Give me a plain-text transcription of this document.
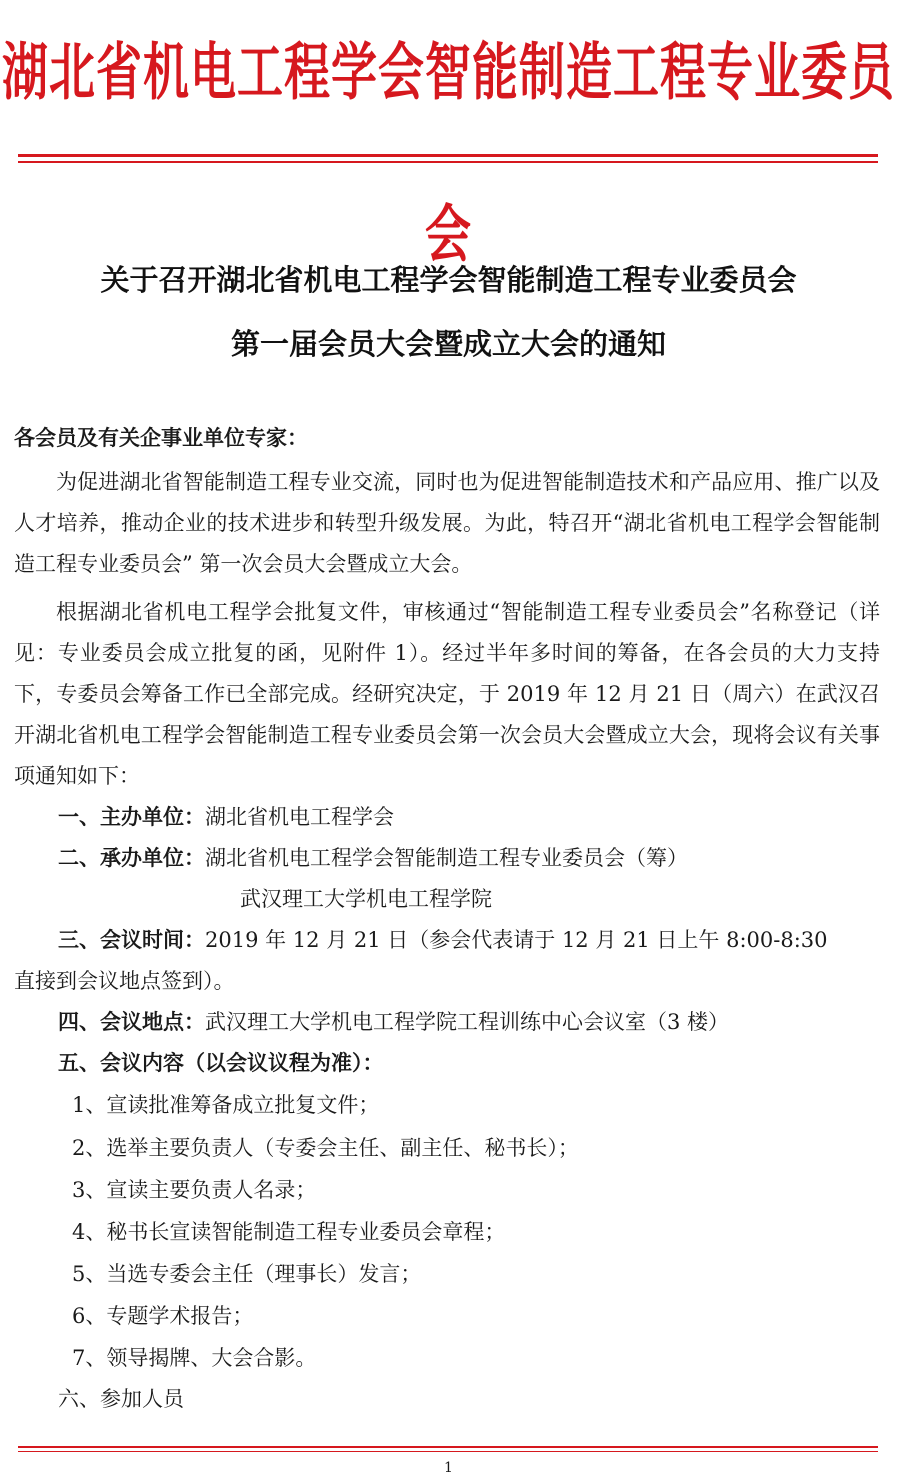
湖北省机电工程学会智能制造工程专业委员会
关于召开湖北省机电工程学会智能制造工程专业委员会
第一届会员大会暨成立大会的通知
各会员及有关企事业单位专家：
为促进湖北省智能制造工程专业交流，同时也为促进智能制造技术和产品应用、推广以及人才培养，推动企业的技术进步和转型升级发展。为此，特召开“湖北省机电工程学会智能制造工程专业委员会” 第一次会员大会暨成立大会。
根据湖北省机电工程学会批复文件，审核通过“智能制造工程专业委员会”名称登记（详见：专业委员会成立批复的函，见附件 1）。经过半年多时间的筹备，在各会员的大力支持下，专委员会筹备工作已全部完成。经研究决定，于 2019 年 12 月 21 日（周六）在武汉召开湖北省机电工程学会智能制造工程专业委员会第一次会员大会暨成立大会，现将会议有关事项通知如下：
一、主办单位：湖北省机电工程学会
二、承办单位：湖北省机电工程学会智能制造工程专业委员会（筹）
武汉理工大学机电工程学院
三、会议时间：2019 年 12 月 21 日（参会代表请于 12 月 21 日上午 8:00-8:30
直接到会议地点签到）。
四、会议地点：武汉理工大学机电工程学院工程训练中心会议室（3 楼）
五、会议内容（以会议议程为准）：
1、宣读批准筹备成立批复文件；
2、选举主要负责人（专委会主任、副主任、秘书长）；
3、宣读主要负责人名录；
4、秘书长宣读智能制造工程专业委员会章程；
5、当选专委会主任（理事长）发言；
6、专题学术报告；
7、领导揭牌、大会合影。
六、参加人员
1
